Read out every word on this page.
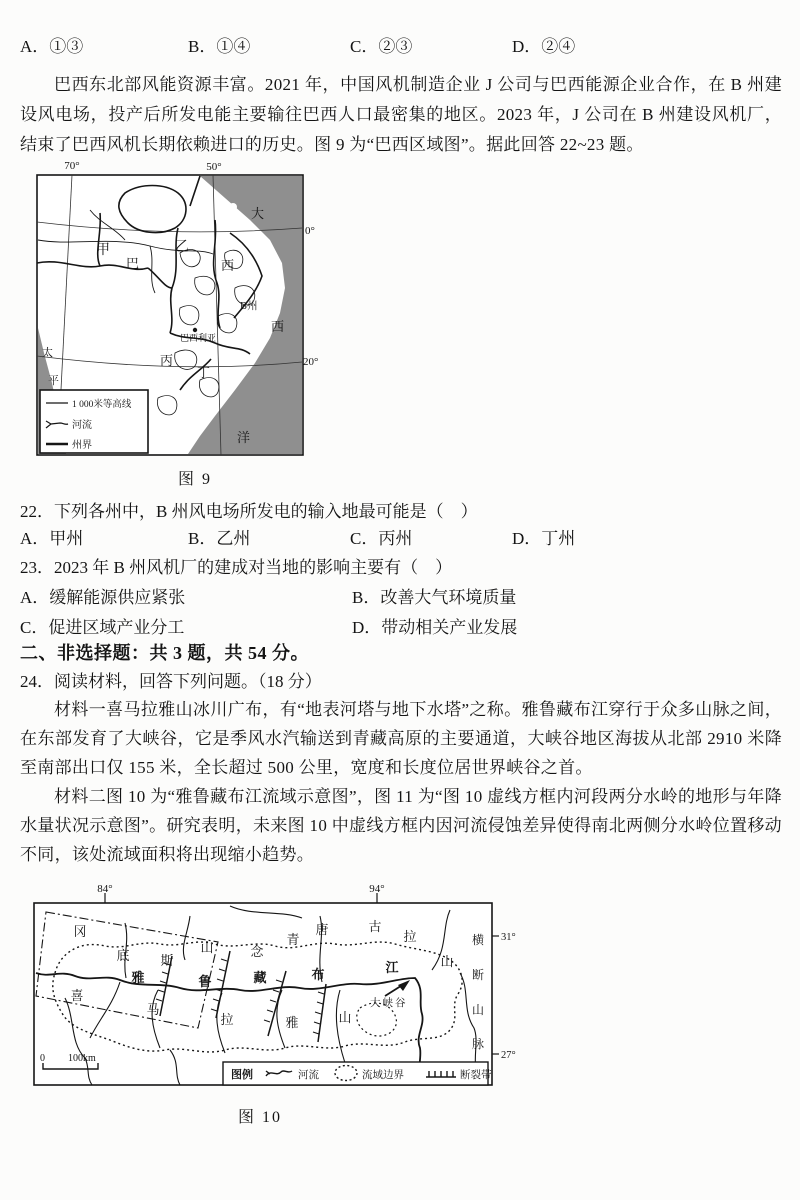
A．①③	B．①④	C．②③	D．②④
巴西东北部风能资源丰富。2021 年，中国风机制造企业 J 公司与巴西能源企业合作，在 B 州建设风电场，投产后所发电能主要输往巴西人口最密集的地区。2023 年，J 公司在 B 州建设风机厂，结束了巴西风机长期依赖进口的历史。图 9 为“巴西区域图”。据此回答 22~23 题。
70°	50°
0°
20°
甲	乙
巴	西
B州
巴西利亚
丙
丁
大
西
洋
太
平
1 000米等高线
河流
州界
图 9
22．下列各州中，B 州风电场所发电的输入地最可能是（　）
A．甲州	B．乙州	C．丙州	D．丁州
23．2023 年 B 州风机厂的建成对当地的影响主要有（　）
A．缓解能源供应紧张	B．改善大气环境质量
C．促进区域产业分工	D．带动相关产业发展
二、非选择题：共 3 题，共 54 分。
24．阅读材料，回答下列问题。（18 分）
材料一喜马拉雅山冰川广布，有“地表河塔与地下水塔”之称。雅鲁藏布江穿行于众多山脉之间，在东部发育了大峡谷，它是季风水汽输送到青藏高原的主要通道，大峡谷地区海拔从北部 2910 米降至南部出口仅 155 米，全长超过 500 公里，宽度和长度位居世界峡谷之首。
材料二图 10 为“雅鲁藏布江流域示意图”，图 11 为“图 10 虚线方框内河段两分水岭的地形与年降水量状况示意图”。研究表明，未来图 10 中虚线方框内因河流侵蚀差异使得南北两侧分水岭位置移动不同，该处流域面积将出现缩小趋势。
84°	94°
31°
27°
冈
底 斯
山	念
青
唐	古
拉
山
雅	鲁	藏	布	江
喜
马
拉	雅	山
大峡谷
横
断
山
脉
0 100km
图例	河流	流域边界	断裂带
图 10
